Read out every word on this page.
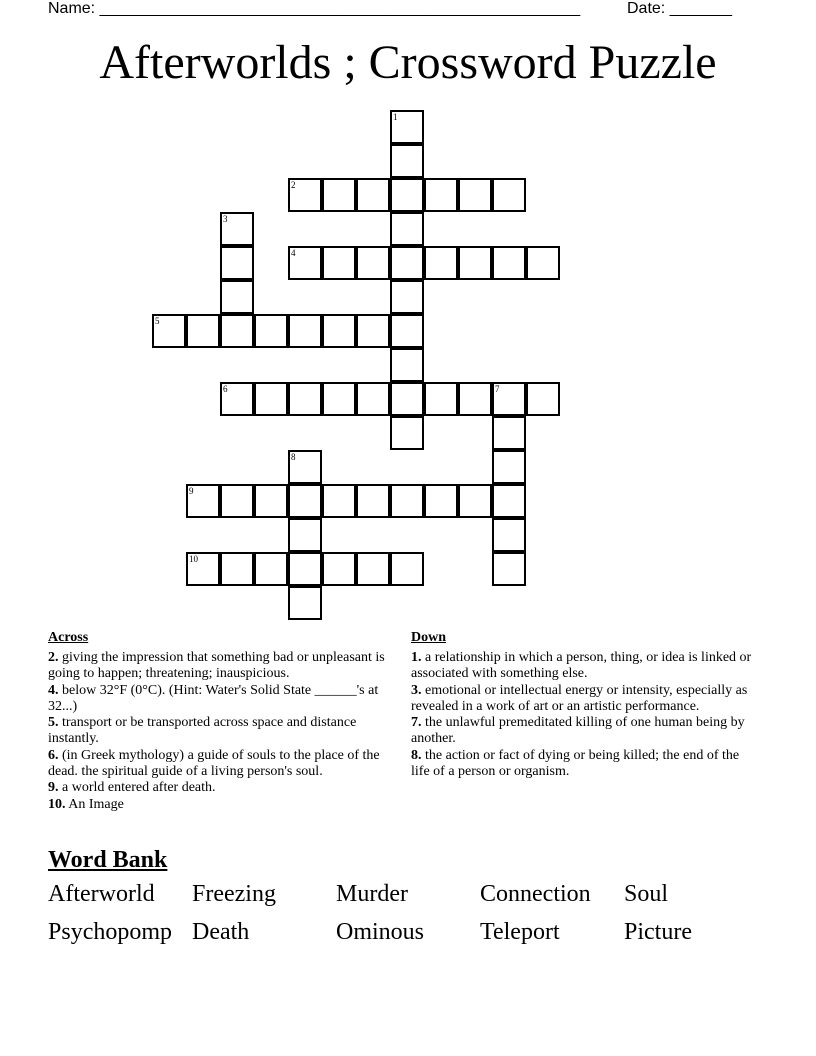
Name: ______________________________________________________	Date: _______
Afterworlds ; Crossword Puzzle
1
2
3
4
5
6	7
8
9
10
Across

2. giving the impression that something bad or unpleasant is going to happen; threatening; inauspicious.

4. below 32°F (0°C). (Hint: Water's Solid State ______'s at 32...)

5. transport or be transported across space and distance instantly.

6. (in Greek mythology) a guide of souls to the place of the dead. the spiritual guide of a living person's soul.

9. a world entered after death.

10. An Image

Down

1. a relationship in which a person, thing, or idea is linked or associated with something else.

3. emotional or intellectual energy or intensity, especially as revealed in a work of art or an artistic performance.

7. the unlawful premeditated killing of one human being by another.

8. the action or fact of dying or being killed; the end of the life of a person or organism.

Word Bank
Afterworld	Freezing	Murder	Connection	Soul
Psychopomp Death	Ominous	Teleport	Picture
